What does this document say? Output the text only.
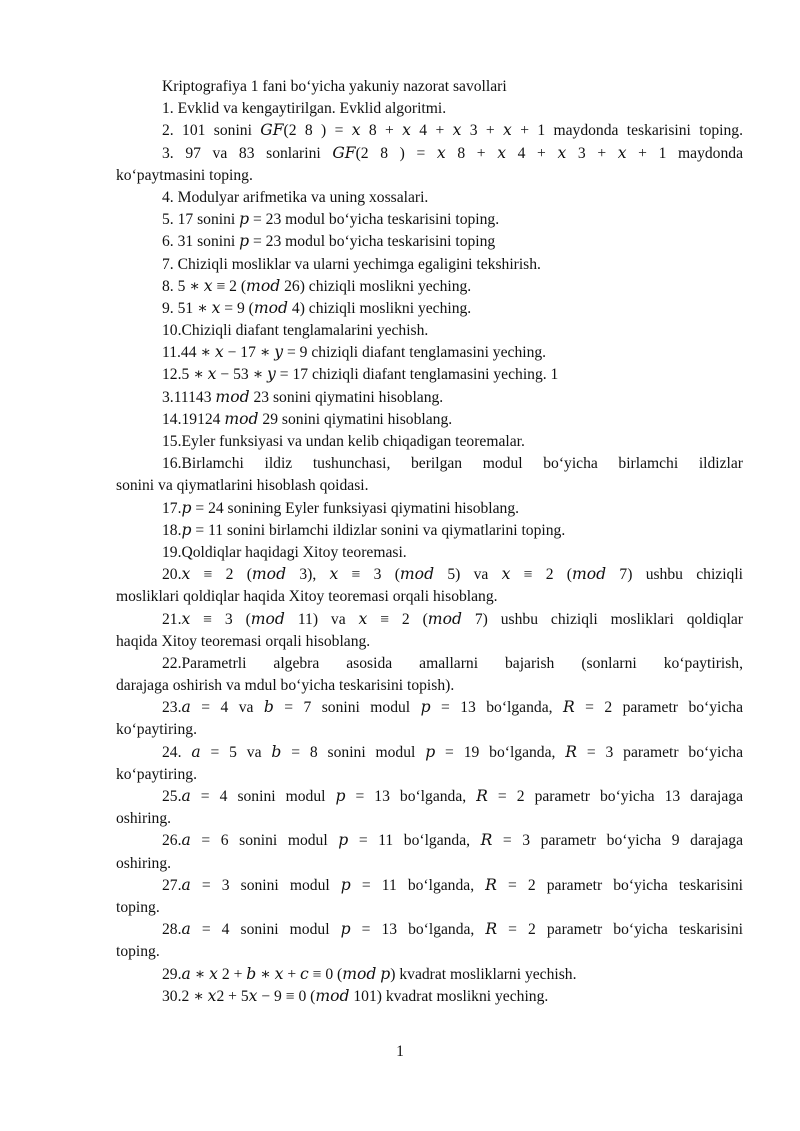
Kriptografiya 1 fani bo‘yicha yakuniy nazorat savollari
1. Evklid va kengaytirilgan. Evklid algoritmi.
2. 101 sonini 𝐺𝐹(2 8 ) = 𝑥 8 + 𝑥 4 + 𝑥 3 + 𝑥 + 1 maydonda teskarisini toping.
3. 97 va 83 sonlarini 𝐺𝐹(2 8 ) = 𝑥 8 + 𝑥 4 + 𝑥 3 + 𝑥 + 1 maydonda
ko‘paytmasini toping.
4. Modulyar arifmetika va uning xossalari.
5. 17 sonini 𝑝 = 23 modul bo‘yicha teskarisini toping.
6. 31 sonini 𝑝 = 23 modul bo‘yicha teskarisini toping
7. Chiziqli mosliklar va ularni yechimga egaligini tekshirish.
8. 5 ∗ 𝑥 ≡ 2 (𝑚𝑜𝑑 26) chiziqli moslikni yeching.
9. 51 ∗ 𝑥 = 9 (𝑚𝑜𝑑 4) chiziqli moslikni yeching.
10.Chiziqli diafant tenglamalarini yechish.
11.44 ∗ 𝑥 − 17 ∗ 𝑦 = 9 chiziqli diafant tenglamasini yeching.
12.5 ∗ 𝑥 − 53 ∗ 𝑦 = 17 chiziqli diafant tenglamasini yeching. 1
3.11143 𝑚𝑜𝑑 23 sonini qiymatini hisoblang.
14.19124 𝑚𝑜𝑑 29 sonini qiymatini hisoblang.
15.Eyler funksiyasi va undan kelib chiqadigan teoremalar.
16.Birlamchi ildiz tushunchasi, berilgan modul bo‘yicha birlamchi ildizlar
sonini va qiymatlarini hisoblash qoidasi.
17.𝑝 = 24 sonining Eyler funksiyasi qiymatini hisoblang.
18.𝑝 = 11 sonini birlamchi ildizlar sonini va qiymatlarini toping.
19.Qoldiqlar haqidagi Xitoy teoremasi.
20.𝑥 ≡ 2 (𝑚𝑜𝑑 3), 𝑥 ≡ 3 (𝑚𝑜𝑑 5) va 𝑥 ≡ 2 (𝑚𝑜𝑑 7) ushbu chiziqli
mosliklari qoldiqlar haqida Xitoy teoremasi orqali hisoblang.
21.𝑥 ≡ 3 (𝑚𝑜𝑑 11) va 𝑥 ≡ 2 (𝑚𝑜𝑑 7) ushbu chiziqli mosliklari qoldiqlar
haqida Xitoy teoremasi orqali hisoblang.
22.Parametrli algebra asosida amallarni bajarish (sonlarni ko‘paytirish,
darajaga oshirish va mdul bo‘yicha teskarisini topish).
23.𝑎 = 4 va 𝑏 = 7 sonini modul 𝑝 = 13 bo‘lganda, 𝑅 = 2 parametr bo‘yicha
ko‘paytiring.
24. 𝑎 = 5 va 𝑏 = 8 sonini modul 𝑝 = 19 bo‘lganda, 𝑅 = 3 parametr bo‘yicha
ko‘paytiring.
25.𝑎 = 4 sonini modul 𝑝 = 13 bo‘lganda, 𝑅 = 2 parametr bo‘yicha 13 darajaga
oshiring.
26.𝑎 = 6 sonini modul 𝑝 = 11 bo‘lganda, 𝑅 = 3 parametr bo‘yicha 9 darajaga
oshiring.
27.𝑎 = 3 sonini modul 𝑝 = 11 bo‘lganda, 𝑅 = 2 parametr bo‘yicha teskarisini
toping.
28.𝑎 = 4 sonini modul 𝑝 = 13 bo‘lganda, 𝑅 = 2 parametr bo‘yicha teskarisini
toping.
29.𝑎 ∗ 𝑥 2 + 𝑏 ∗ 𝑥 + 𝑐 ≡ 0 (𝑚𝑜𝑑 𝑝) kvadrat mosliklarni yechish.
30.2 ∗ 𝑥2 + 5𝑥 − 9 ≡ 0 (𝑚𝑜𝑑 101) kvadrat moslikni yeching.
1
